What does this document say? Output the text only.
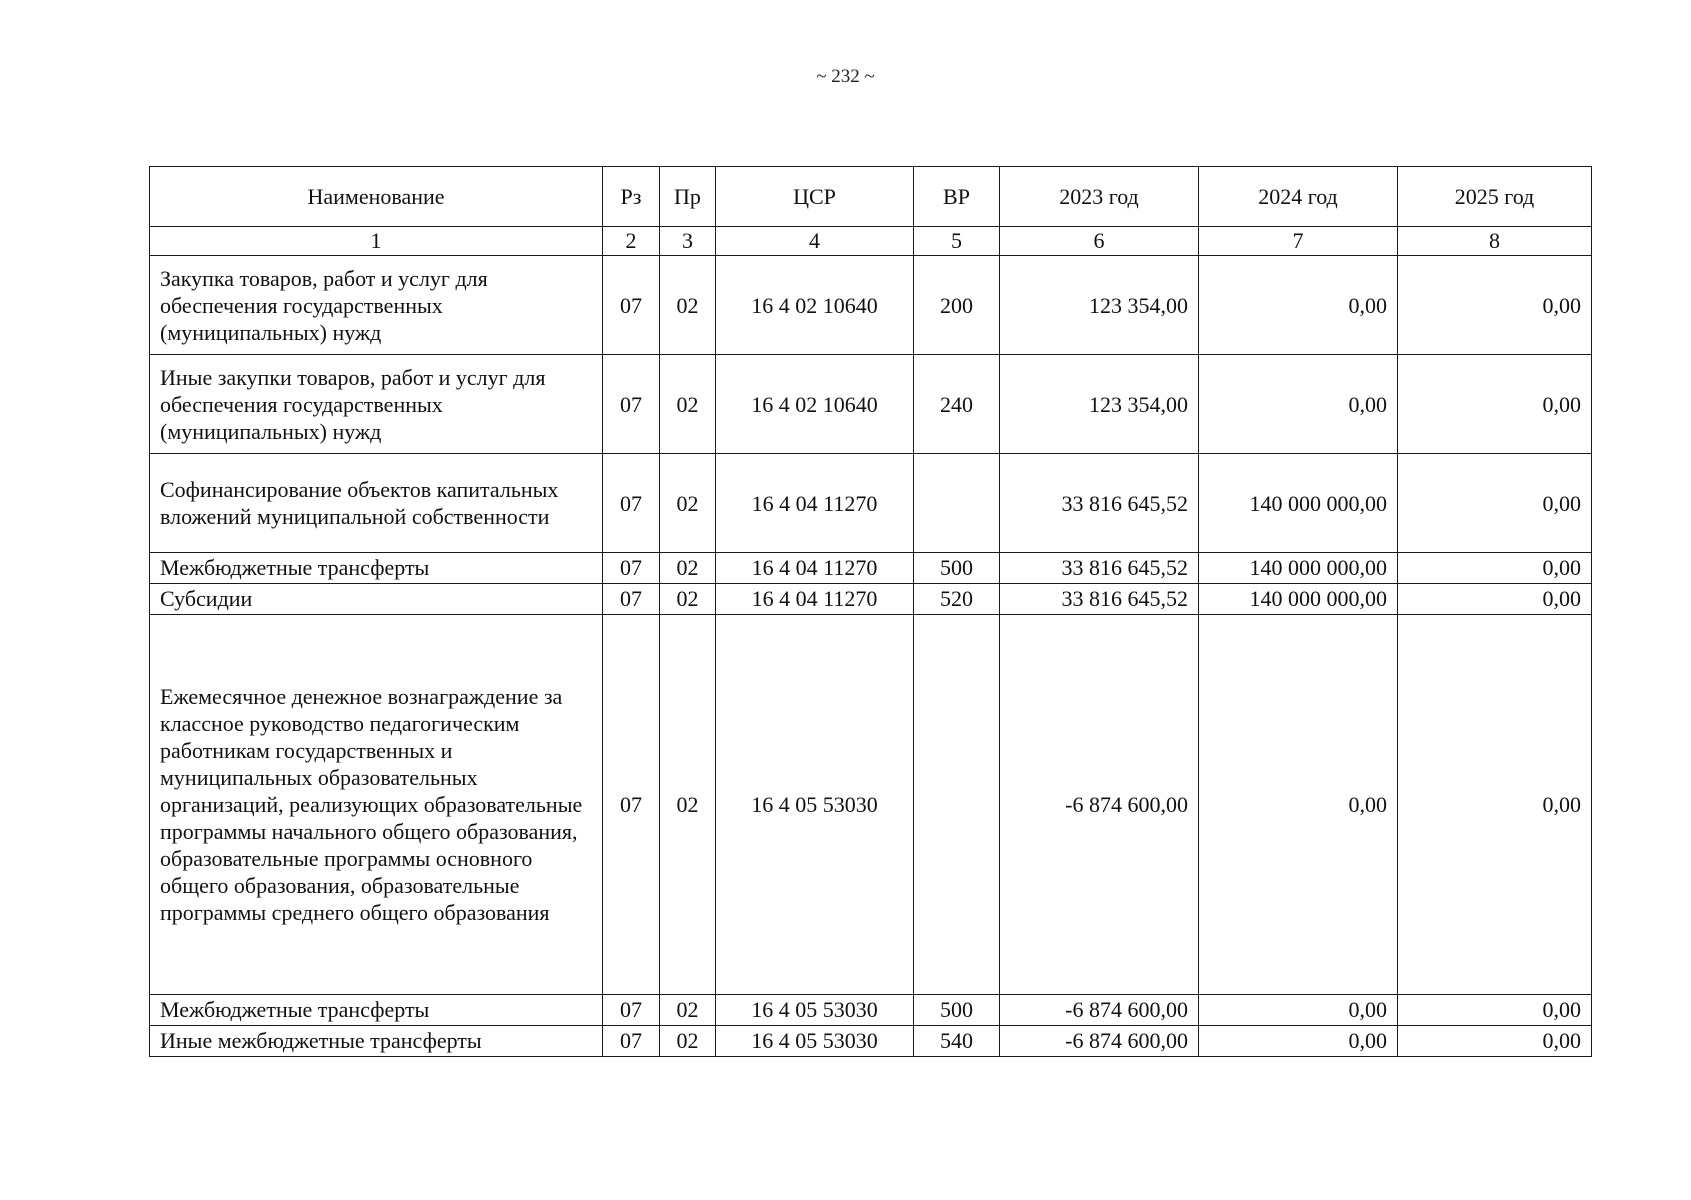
~ 232 ~
Наименование	Рз	Пр	ЦСР	ВР	2023 год	2024 год	2025 год
1	2	3	4	5	6	7	8
Закупка товаров, работ и услуг для обеспечения государственных (муниципальных) нужд	07	02	16 4 02 10640	200	123 354,00	0,00	0,00
Иные закупки товаров, работ и услуг для обеспечения государственных (муниципальных) нужд	07	02	16 4 02 10640	240	123 354,00	0,00	0,00
Софинансирование объектов капитальных вложений муниципальной собственности	07	02	16 4 04 11270		33 816 645,52	140 000 000,00	0,00
Межбюджетные трансферты	07	02	16 4 04 11270	500	33 816 645,52	140 000 000,00	0,00
Субсидии	07	02	16 4 04 11270	520	33 816 645,52	140 000 000,00	0,00
Ежемесячное денежное вознаграждение за классное руководство педагогическим работникам государственных и муниципальных образовательных организаций, реализующих образовательные программы начального общего образования, образовательные программы основного общего образования, образовательные программы среднего общего образования	07	02	16 4 05 53030		-6 874 600,00	0,00	0,00
Межбюджетные трансферты	07	02	16 4 05 53030	500	-6 874 600,00	0,00	0,00
Иные межбюджетные трансферты	07	02	16 4 05 53030	540	-6 874 600,00	0,00	0,00
